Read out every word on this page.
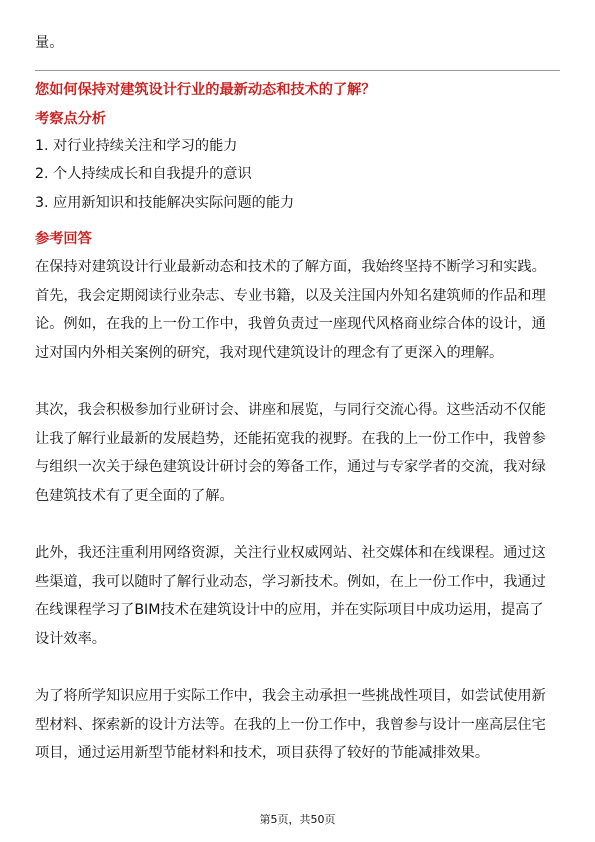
量。
您如何保持对建筑设计行业的最新动态和技术的了解？
考察点分析
1. 对行业持续关注和学习的能力
2. 个人持续成长和自我提升的意识
3. 应用新知识和技能解决实际问题的能力
参考回答
在保持对建筑设计行业最新动态和技术的了解方面，我始终坚持不断学习和实践。
首先，我会定期阅读行业杂志、专业书籍，以及关注国内外知名建筑师的作品和理
论。例如，在我的上一份工作中，我曾负责过一座现代风格商业综合体的设计，通
过对国内外相关案例的研究，我对现代建筑设计的理念有了更深入的理解。
其次，我会积极参加行业研讨会、讲座和展览，与同行交流心得。这些活动不仅能
让我了解行业最新的发展趋势，还能拓宽我的视野。在我的上一份工作中，我曾参
与组织一次关于绿色建筑设计研讨会的筹备工作，通过与专家学者的交流，我对绿
色建筑技术有了更全面的了解。
此外，我还注重利用网络资源，关注行业权威网站、社交媒体和在线课程。通过这
些渠道，我可以随时了解行业动态，学习新技术。例如，在上一份工作中，我通过
在线课程学习了BIM技术在建筑设计中的应用，并在实际项目中成功运用，提高了
设计效率。
为了将所学知识应用于实际工作中，我会主动承担一些挑战性项目，如尝试使用新
型材料、探索新的设计方法等。在我的上一份工作中，我曾参与设计一座高层住宅
项目，通过运用新型节能材料和技术，项目获得了较好的节能减排效果。
第5页，共50页
